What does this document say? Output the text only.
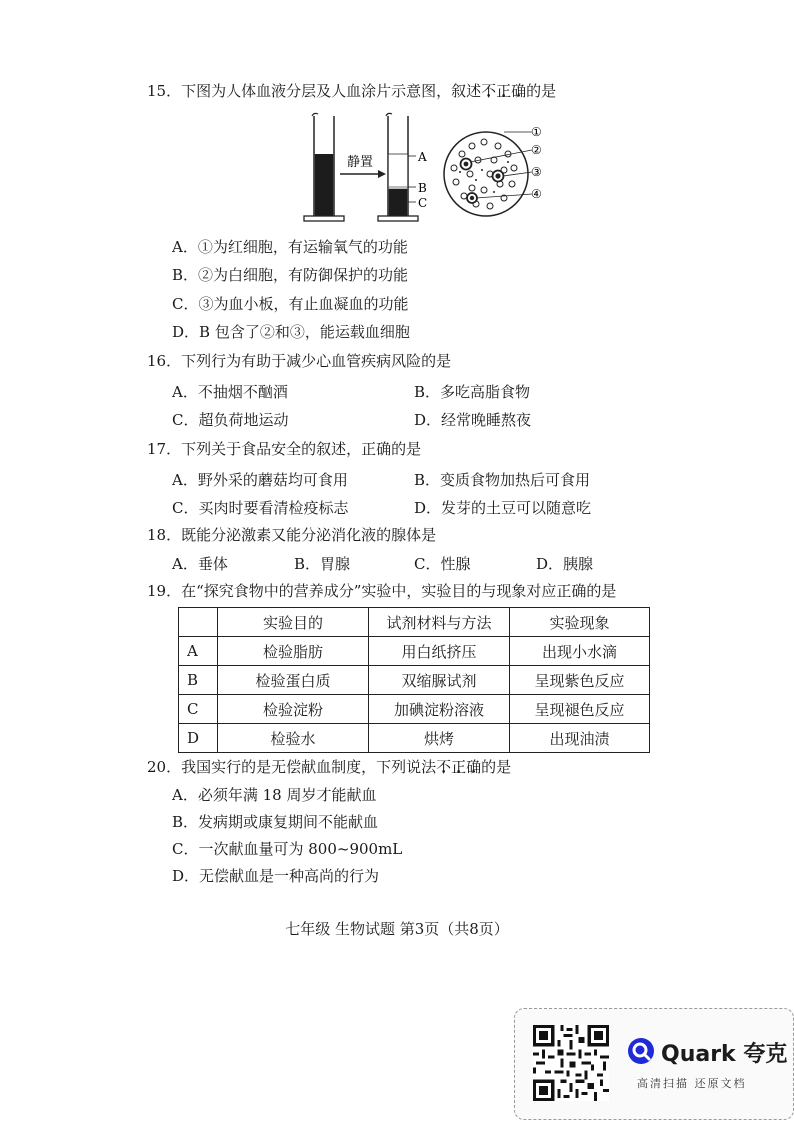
15．下图为人体血液分层及人血涂片示意图，叙述不正确的是
静置	A
B
C
①
②
③
④
A．①为红细胞，有运输氧气的功能
B．②为白细胞，有防御保护的功能
C．③为血小板，有止血凝血的功能
D．B 包含了②和③，能运载血细胞
16．下列行为有助于减少心血管疾病风险的是
A．不抽烟不酗酒	B．多吃高脂食物
C．超负荷地运动	D．经常晚睡熬夜
17．下列关于食品安全的叙述，正确的是
A．野外采的蘑菇均可食用	B．变质食物加热后可食用
C．买肉时要看清检疫标志	D．发芽的土豆可以随意吃
18．既能分泌激素又能分泌消化液的腺体是
A．垂体	B．胃腺	C．性腺	D．胰腺
19．在“探究食物中的营养成分”实验中，实验目的与现象对应正确的是
	实验目的	试剂材料与方法	实验现象
A	检验脂肪	用白纸挤压	出现小水滴
B	检验蛋白质	双缩脲试剂	呈现紫色反应
C	检验淀粉	加碘淀粉溶液	呈现褪色反应
D	检验水	烘烤	出现油渍
20．我国实行的是无偿献血制度，下列说法不正确的是
A．必须年满 18 周岁才能献血
B．发病期或康复期间不能献血
C．一次献血量可为 800~900mL
D．无偿献血是一种高尚的行为
七年级 生物试题 第3页（共8页）
Quark 夸克
高清扫描 还原文档
